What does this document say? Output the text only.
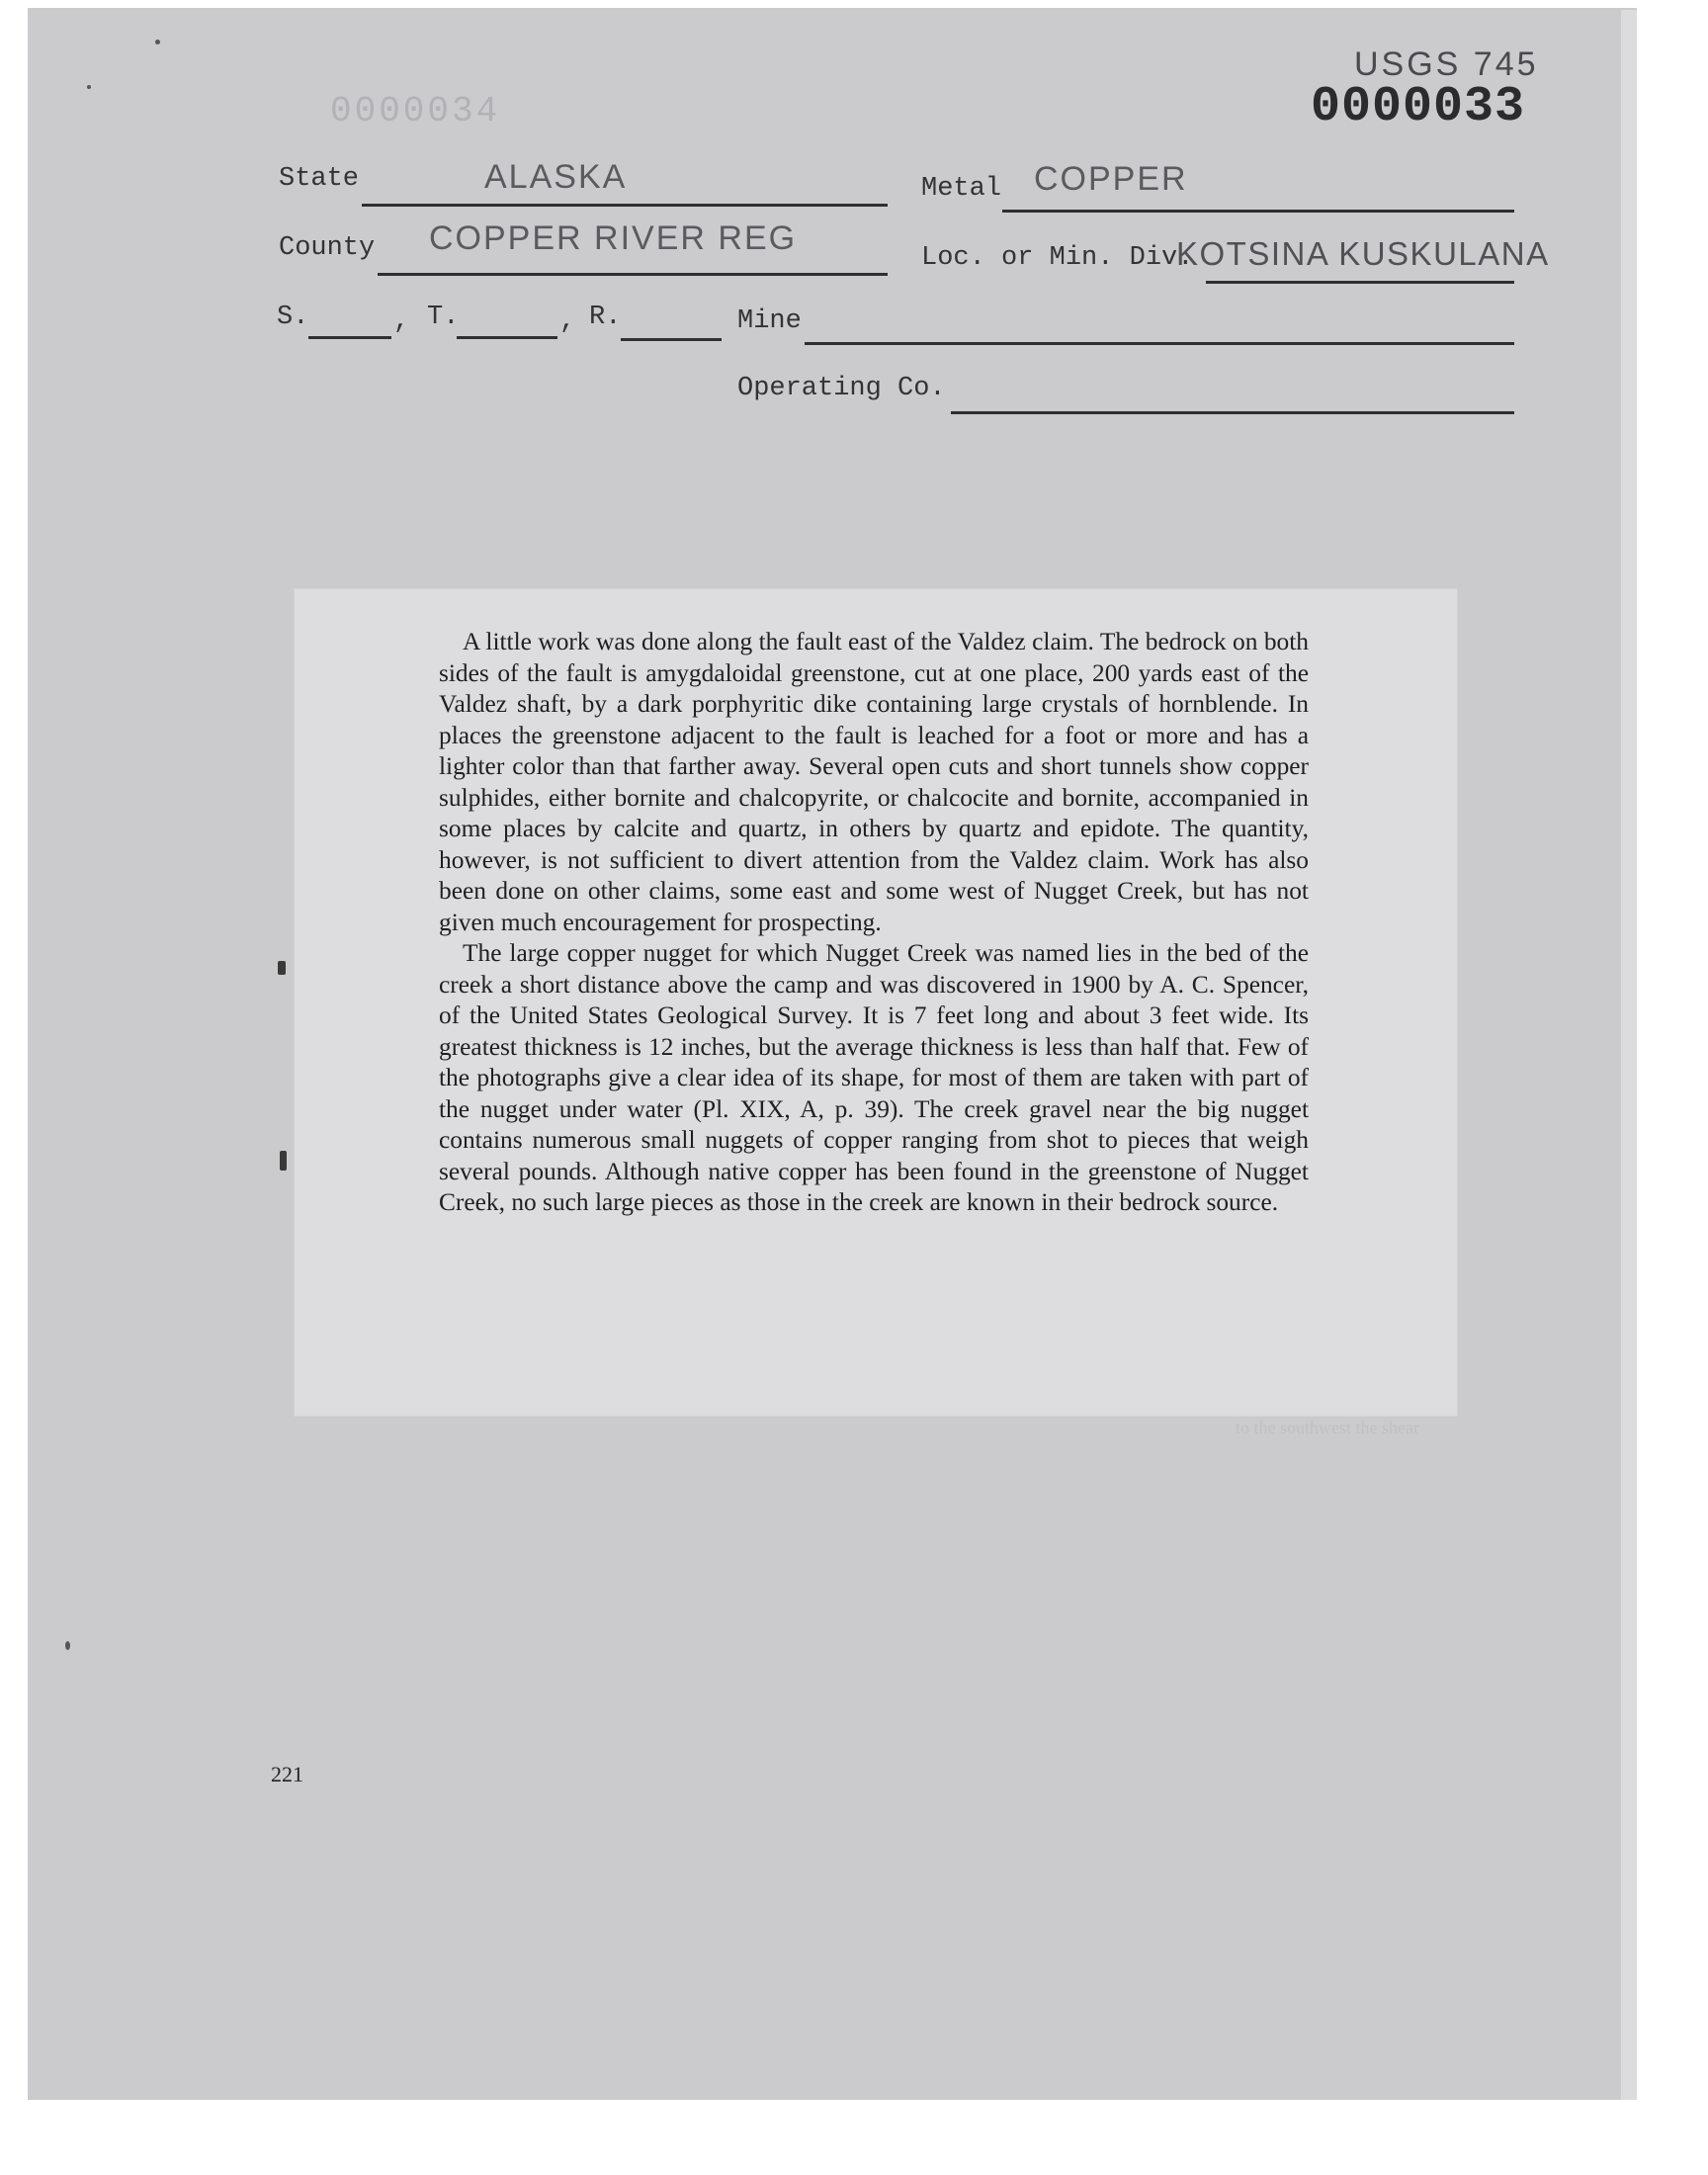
0000034
USGS 745
0000033
State	ALASKA	Metal COPPER
County COPPER RIVER REG
Loc. or Min. Div.
KOTSINA KUSKULANA
S.	, T.	, R.	Mine
Operating Co.
to the southwest the shear

A little work was done along the fault east of the Valdez claim. The bedrock on both sides of the fault is amygdaloidal greenstone, cut at one place, 200 yards east of the Valdez shaft, by a dark porphyritic dike containing large crystals of hornblende. In places the greenstone adjacent to the fault is leached for a foot or more and has a lighter color than that farther away. Several open cuts and short tunnels show copper sulphides, either bornite and chalcopyrite, or chalcocite and bornite, accompanied in some places by calcite and quartz, in others by quartz and epidote. The quantity, however, is not sufficient to divert attention from the Valdez claim. Work has also been done on other claims, some east and some west of Nugget Creek, but has not given much encouragement for prospecting.

The large copper nugget for which Nugget Creek was named lies in the bed of the creek a short distance above the camp and was discovered in 1900 by A. C. Spencer, of the United States Geological Survey. It is 7 feet long and about 3 feet wide. Its greatest thickness is 12 inches, but the average thickness is less than half that. Few of the photographs give a clear idea of its shape, for most of them are taken with part of the nugget under water (Pl. XIX, A, p. 39). The creek gravel near the big nugget contains numerous small nuggets of copper ranging from shot to pieces that weigh several pounds. Although native copper has been found in the greenstone of Nugget Creek, no such large pieces as those in the creek are known in their bedrock source.

221
